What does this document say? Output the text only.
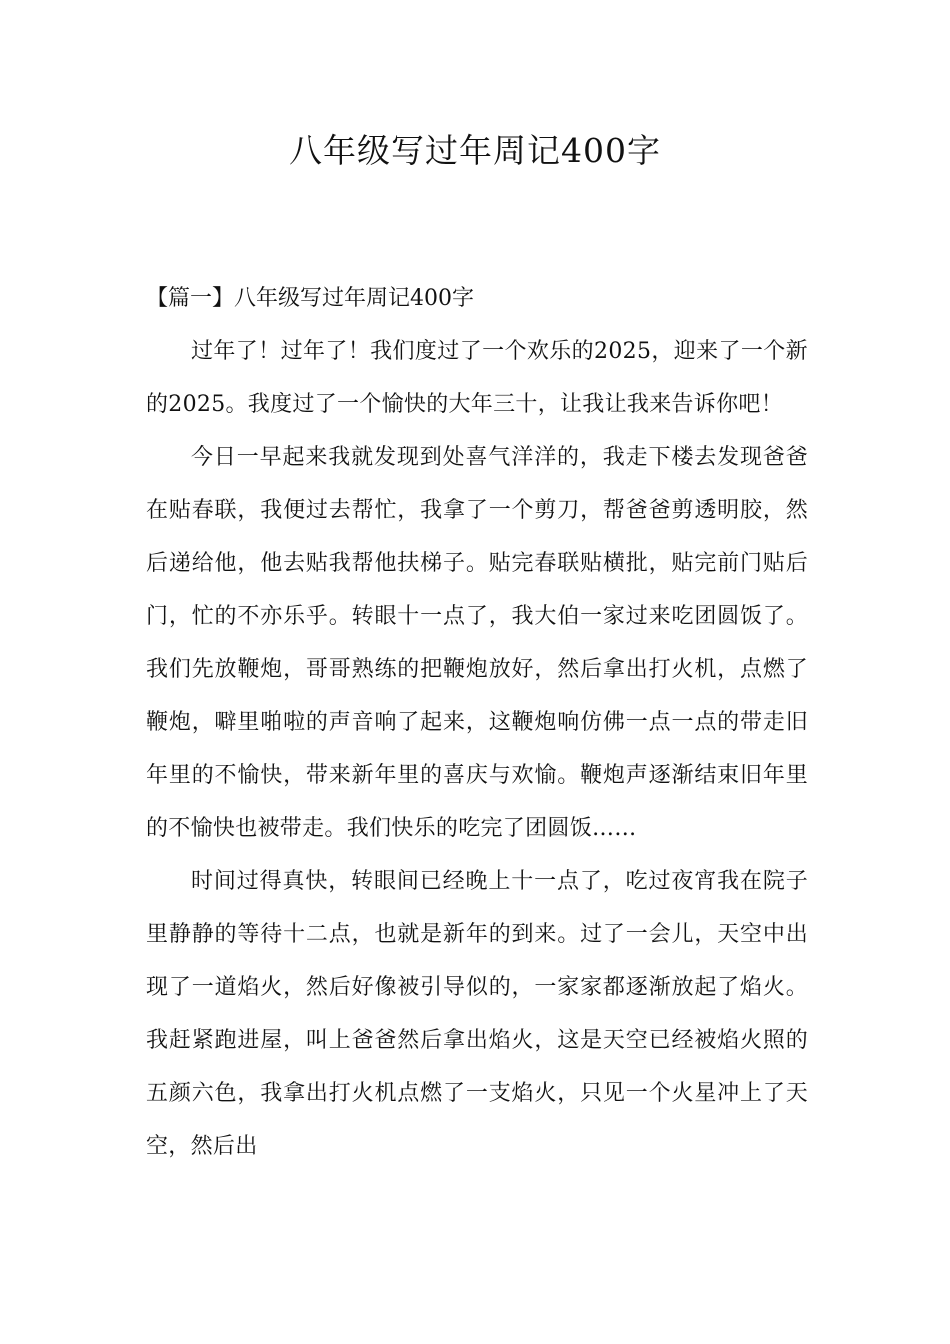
八年级写过年周记400字
【篇一】八年级写过年周记400字

过年了！过年了！我们度过了一个欢乐的2025，迎来了一个新的2025。我度过了一个愉快的大年三十，让我让我来告诉你吧！

今日一早起来我就发现到处喜气洋洋的，我走下楼去发现爸爸在贴春联，我便过去帮忙，我拿了一个剪刀，帮爸爸剪透明胶，然后递给他，他去贴我帮他扶梯子。贴完春联贴横批，贴完前门贴后门，忙的不亦乐乎。转眼十一点了，我大伯一家过来吃团圆饭了。我们先放鞭炮，哥哥熟练的把鞭炮放好，然后拿出打火机，点燃了鞭炮，噼里啪啦的声音响了起来，这鞭炮响仿佛一点一点的带走旧年里的不愉快，带来新年里的喜庆与欢愉。鞭炮声逐渐结束旧年里的不愉快也被带走。我们快乐的吃完了团圆饭……

时间过得真快，转眼间已经晚上十一点了，吃过夜宵我在院子里静静的等待十二点，也就是新年的到来。过了一会儿，天空中出现了一道焰火，然后好像被引导似的，一家家都逐渐放起了焰火。我赶紧跑进屋，叫上爸爸然后拿出焰火，这是天空已经被焰火照的五颜六色，我拿出打火机点燃了一支焰火，只见一个火星冲上了天空，然后出
